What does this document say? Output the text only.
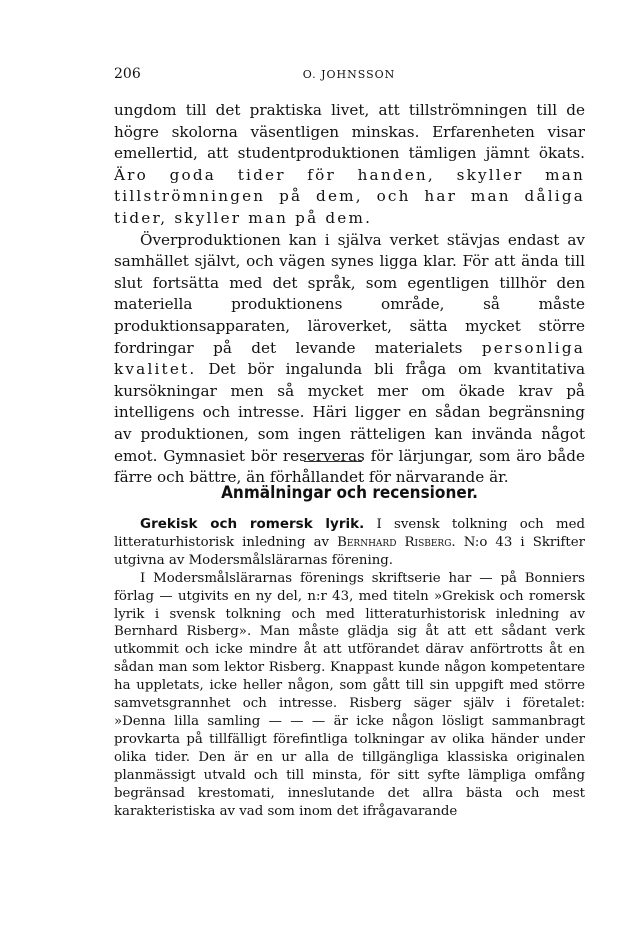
206	O. JOHNSSON

ungdom till det praktiska livet, att tillströmningen till de högre skolorna väsentligen minskas. Erfarenheten visar emellertid, att studentproduktionen tämligen jämnt ökats. Äro goda tider för handen, skyller man tillströmningen på dem, och har man dåliga tider, skyller man på dem.

Överproduktionen kan i själva verket stävjas endast av samhället självt, och vägen synes ligga klar. För att ända till slut fortsätta med det språk, som egentligen tillhör den materiella produktionens område, så måste produktionsapparaten, läroverket, sätta mycket större fordringar på det levande materialets personliga kvalitet. Det bör ingalunda bli fråga om kvantitativa kursökningar men så mycket mer om ökade krav på intelligens och intresse. Häri ligger en sådan begränsning av produktionen, som ingen rätteligen kan invända något emot. Gymnasiet bör reserveras för lärjungar, som äro både färre och bättre, än förhållandet för närvarande är.

Anmälningar och recensioner.

Grekisk och romersk lyrik. I svensk tolkning och med litteraturhistorisk inledning av Bernhard Risberg. N:o 43 i Skrifter utgivna av Modersmålslärarnas förening.

I Modersmålslärarnas förenings skriftserie har — på Bonniers förlag — utgivits en ny del, n:r 43, med titeln »Grekisk och romersk lyrik i svensk tolkning och med litteraturhistorisk inledning av Bernhard Risberg». Man måste glädja sig åt att ett sådant verk utkommit och icke mindre åt att utförandet därav anförtrotts åt en sådan man som lektor Risberg. Knappast kunde någon kompetentare ha uppletats, icke heller någon, som gått till sin uppgift med större samvetsgrannhet och intresse. Risberg säger själv i företalet: »Denna lilla samling — — — är icke någon lösligt sammanbragt provkarta på tillfälligt förefintliga tolkningar av olika händer under olika tider. Den är en ur alla de tillgängliga klassiska originalen planmässigt utvald och till minsta, för sitt syfte lämpliga omfång begränsad krestomati, inneslutande det allra bästa och mest karakteristiska av vad som inom det ifrågavarande
